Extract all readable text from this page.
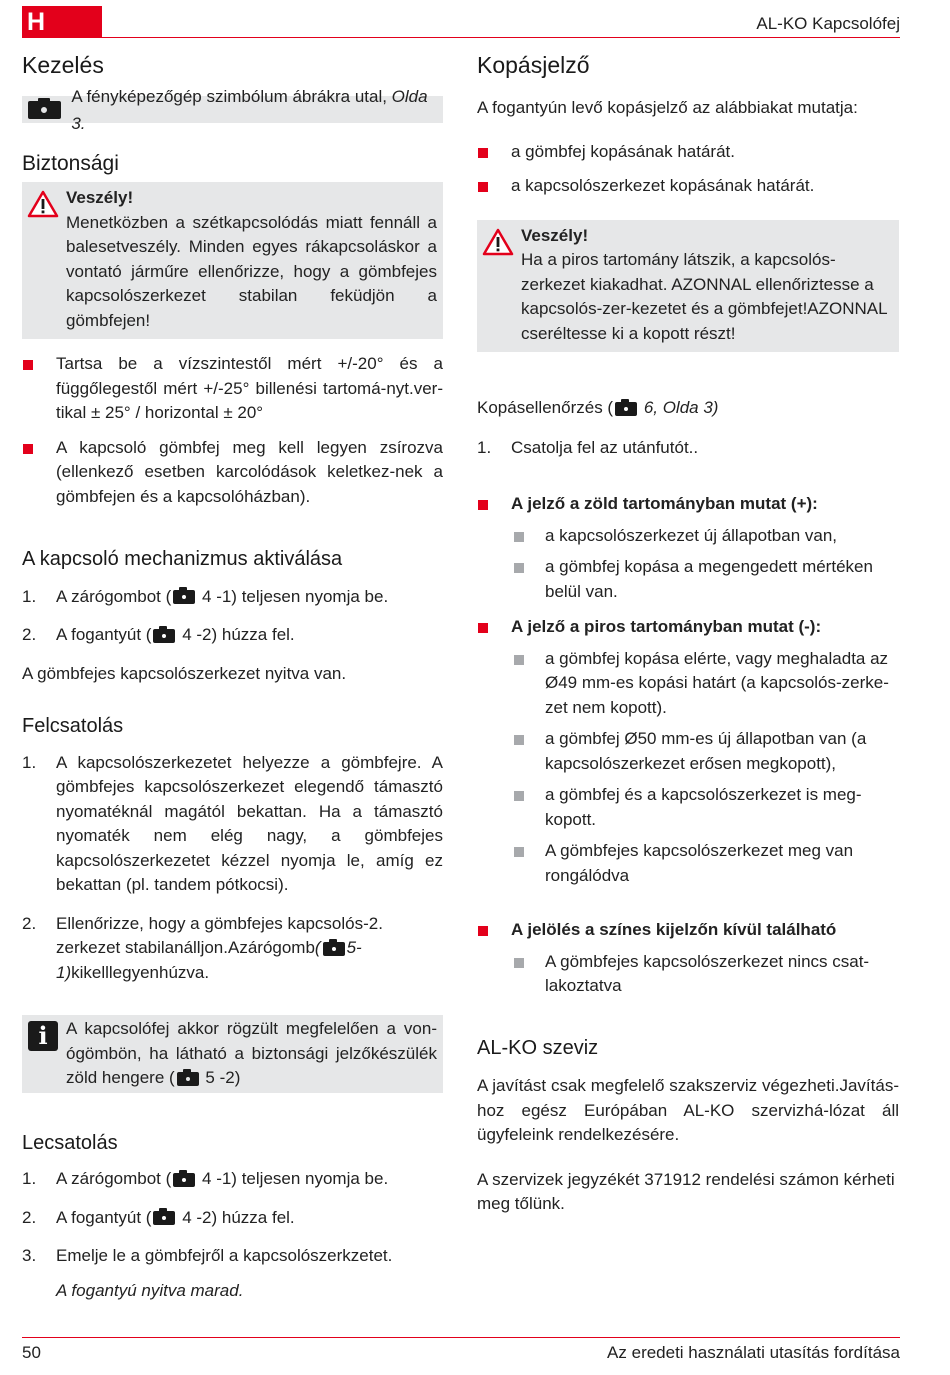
H	AL-KO Kapcsolófej
Kezelés
A fényképezőgép szimbólum ábrákra utal, Olda 3.
Biztonsági
Veszély!
Menetközben a szétkapcsolódás miatt fennáll a balesetveszély. Minden egyes rákapcsoláskor a vontató járműre ellenőrizze, hogy a gömbfejes kapcsolószerkezet stabilan feküdjön a gömbfejen!
Tartsa be a vízszintestől mért +/-20° és a függőlegestől mért +/-25° billenési tartomá-nyt.ver-tikal ± 25° / horizontal ± 20°
A kapcsoló gömbfej meg kell legyen zsírozva (ellenkező esetben karcolódások keletkez-nek a gömbfejen és a kapcsolóházban).
A kapcsoló mechanizmus aktiválása
1. A zárógombot ( 4 -1) teljesen nyomja be.
2. A fogantyút ( 4 -2) húzza fel.
A gömbfejes kapcsolószerkezet nyitva van.
Felcsatolás
1. A kapcsolószerkezetet helyezze a gömbfejre. A gömbfejes kapcsolószerkezet elegendő támasztó nyomatéknál magától bekattan. Ha a támasztó nyomaték nem elég nagy, a gömbfejes kapcsolószerkezetet kézzel nyomja le, amíg ez bekattan (pl. tandem pótkocsi).
2. Ellenőrizze, hogy a gömbfejes kapcsolós-2. zerkezet stabilanálljon.Azárógomb( 5-1)kikelllegyenhúzva.
i	A kapcsolófej akkor rögzült megfelelően a von-ógömbön, ha látható a biztonsági jelzőkészülék zöld hengere ( 5 -2)
Lecsatolás
1. A zárógombot ( 4 -1) teljesen nyomja be.
2. A fogantyút ( 4 -2) húzza fel.
3. Emelje le a gömbfejről a kapcsolószerkzetet.
A fogantyú nyitva marad.
Kopásjelző
A fogantyún levő kopásjelző az alábbiakat mutatja:
a gömbfej kopásának határát.
a kapcsolószerkezet kopásának határát.
Veszély!
Ha a piros tartomány látszik, a kapcsolós-zerkezet kiakadhat. AZONNAL ellenőriztesse a kapcsolós-zer-kezetet és a gömbfejet!AZONNAL cseréltesse ki a kopott részt!
Kopásellenőrzés ( 6, Olda 3)
1. Csatolja fel az utánfutót..
A jelző a zöld tartományban mutat (+):
a kapcsolószerkezet új állapotban van,
a gömbfej kopása a megengedett mértéken belül van.
A jelző a piros tartományban mutat (-):
a gömbfej kopása elérte, vagy meghaladta az Ø49 mm-es kopási határt (a kapcsolós-zerke-zet nem kopott).
a gömbfej Ø50 mm-es új állapotban van (a kapcsolószerkezet erősen megkopott),
a gömbfej és a kapcsolószerkezet is meg-kopott.
A gömbfejes kapcsolószerkezet meg van rongálódva
A jelölés a színes kijelzőn kívül található
A gömbfejes kapcsolószerkezet nincs csat-lakoztatva
AL-KO szeviz
A javítást csak megfelelő szakszerviz végezheti.Javítás-hoz egész Európában AL-KO szervizhá-lózat áll ügyfeleink rendelkezésére.
A szervizek jegyzékét 371912 rendelési számon kérheti meg tőlünk.
50	Az eredeti használati utasítás fordítása
